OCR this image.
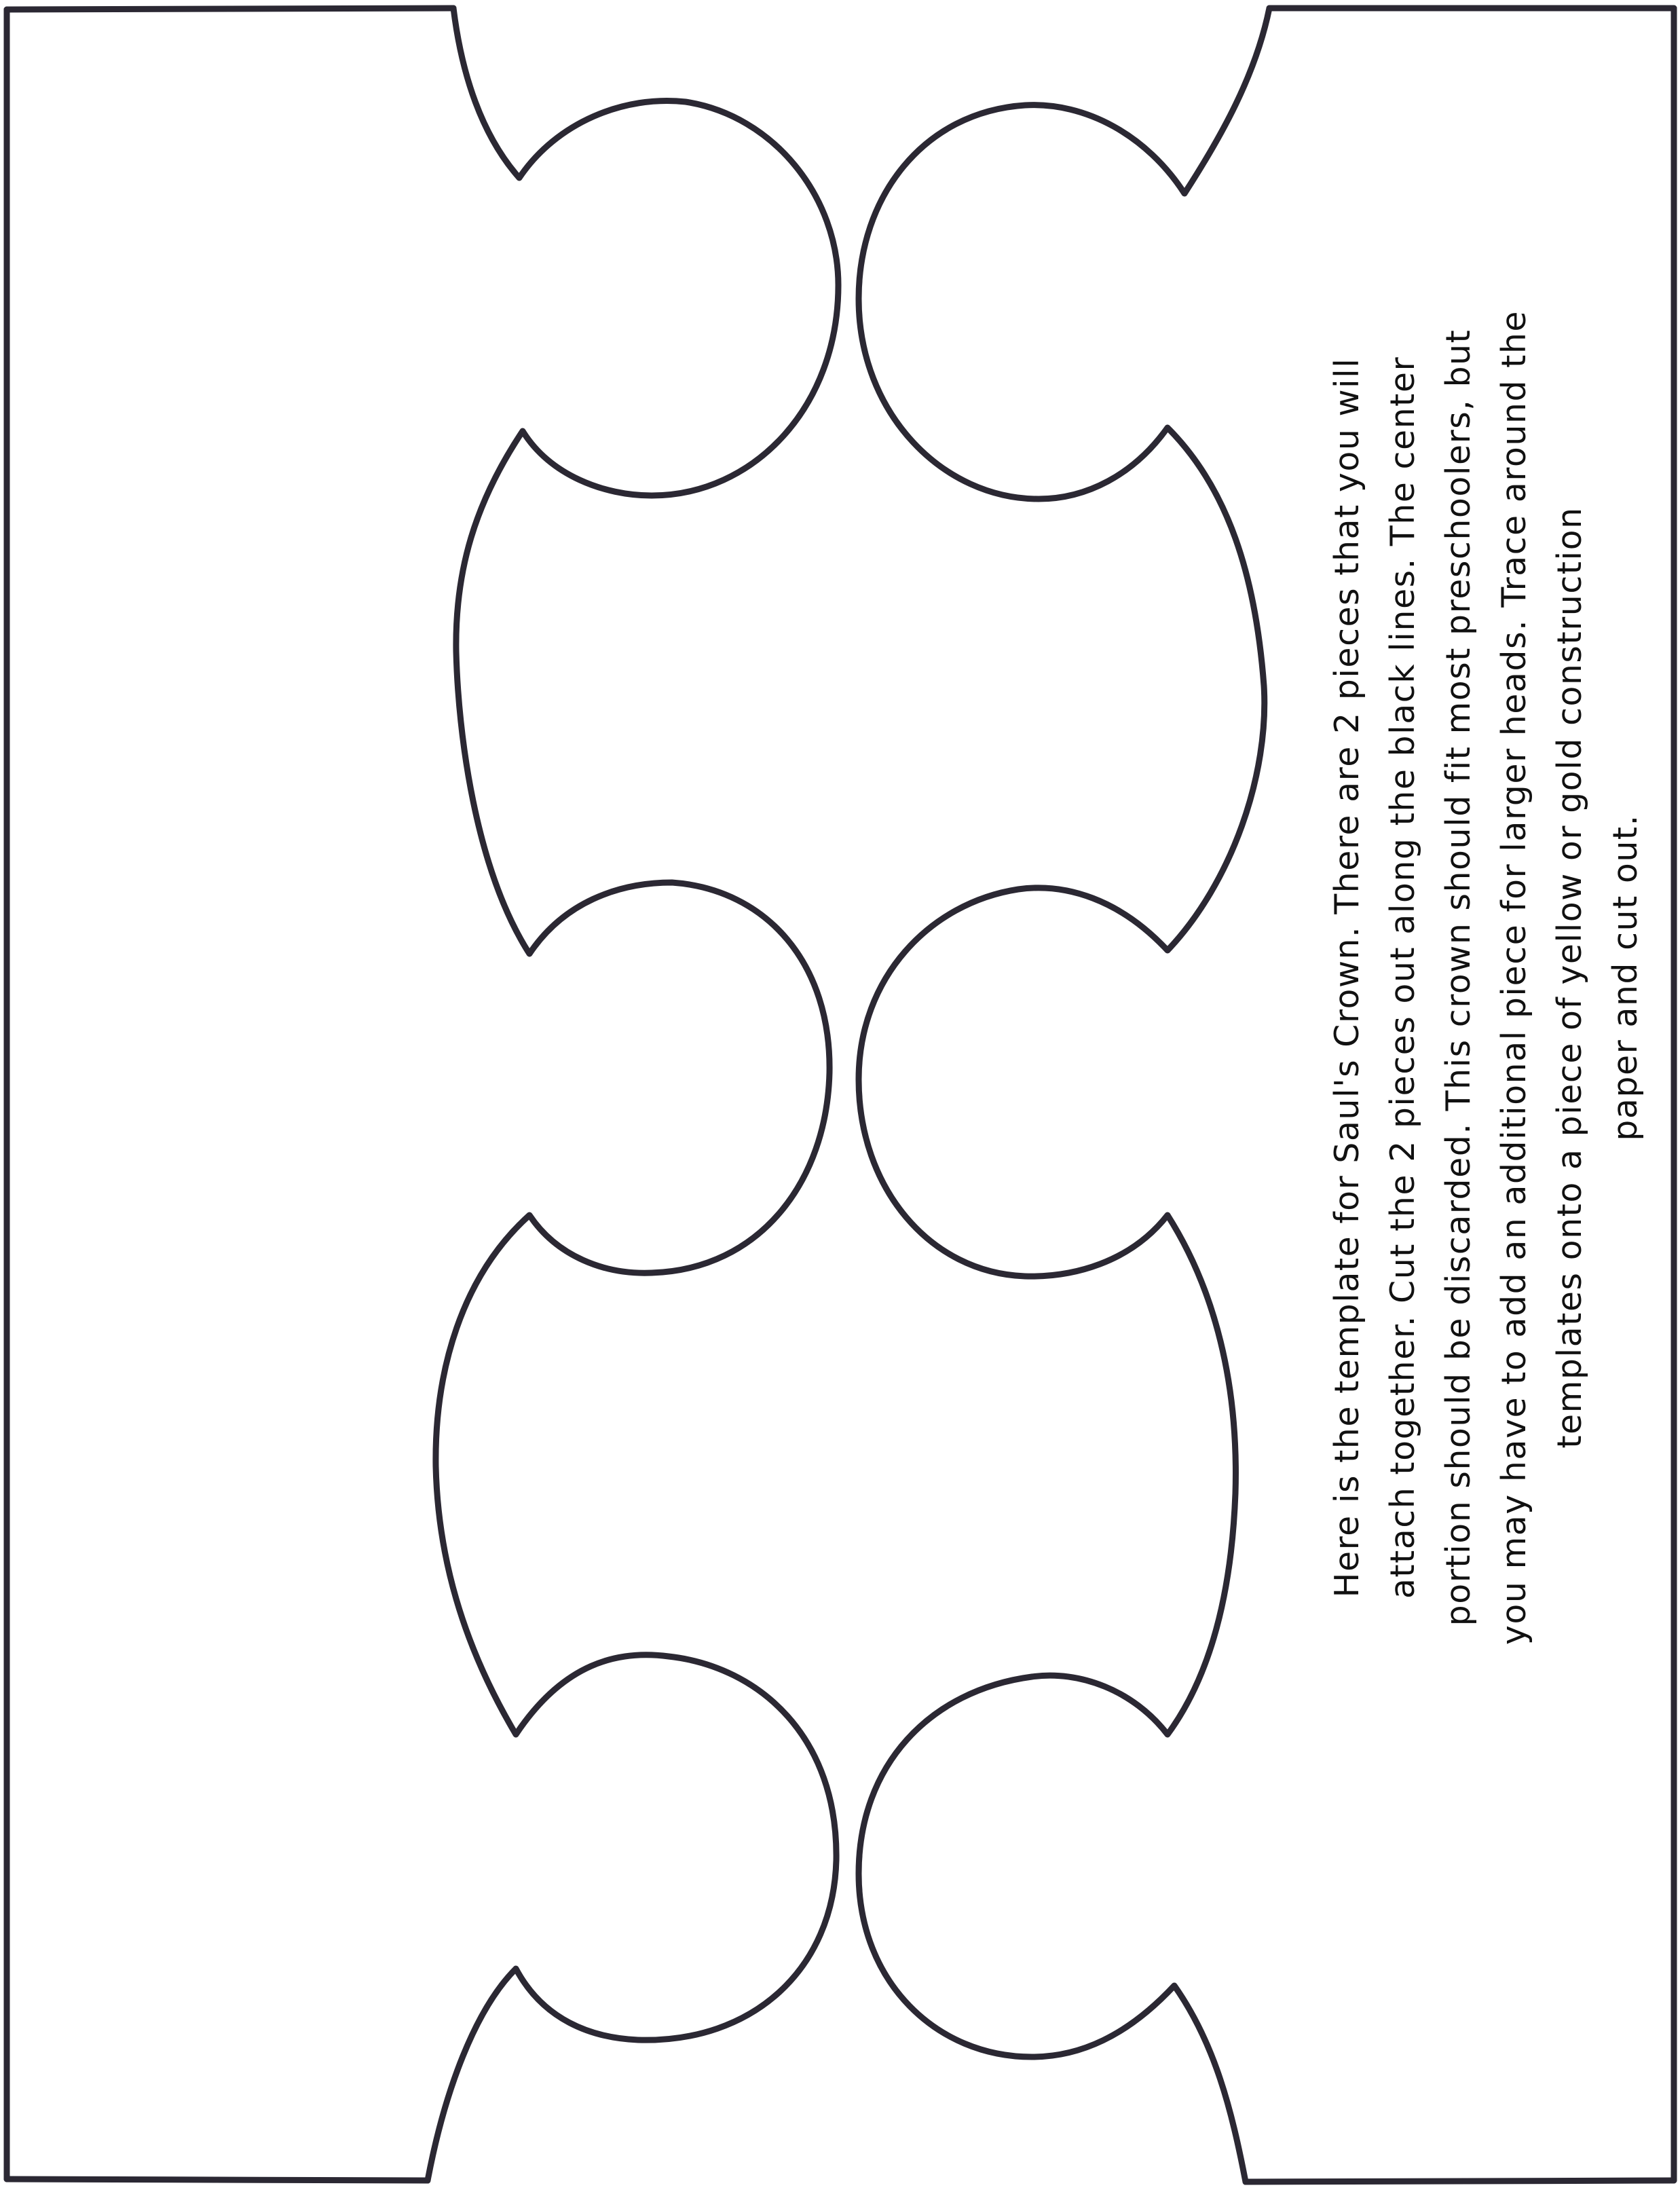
Here is the template for Saul's Crown. There are 2 pieces that you will attach together. Cut the 2 pieces out along the black lines. The center portion should be discarded. This crown should fit most preschoolers, but you may have to add an additional piece for larger heads. Trace around the templates onto a piece of yellow or gold construction paper and cut out.
